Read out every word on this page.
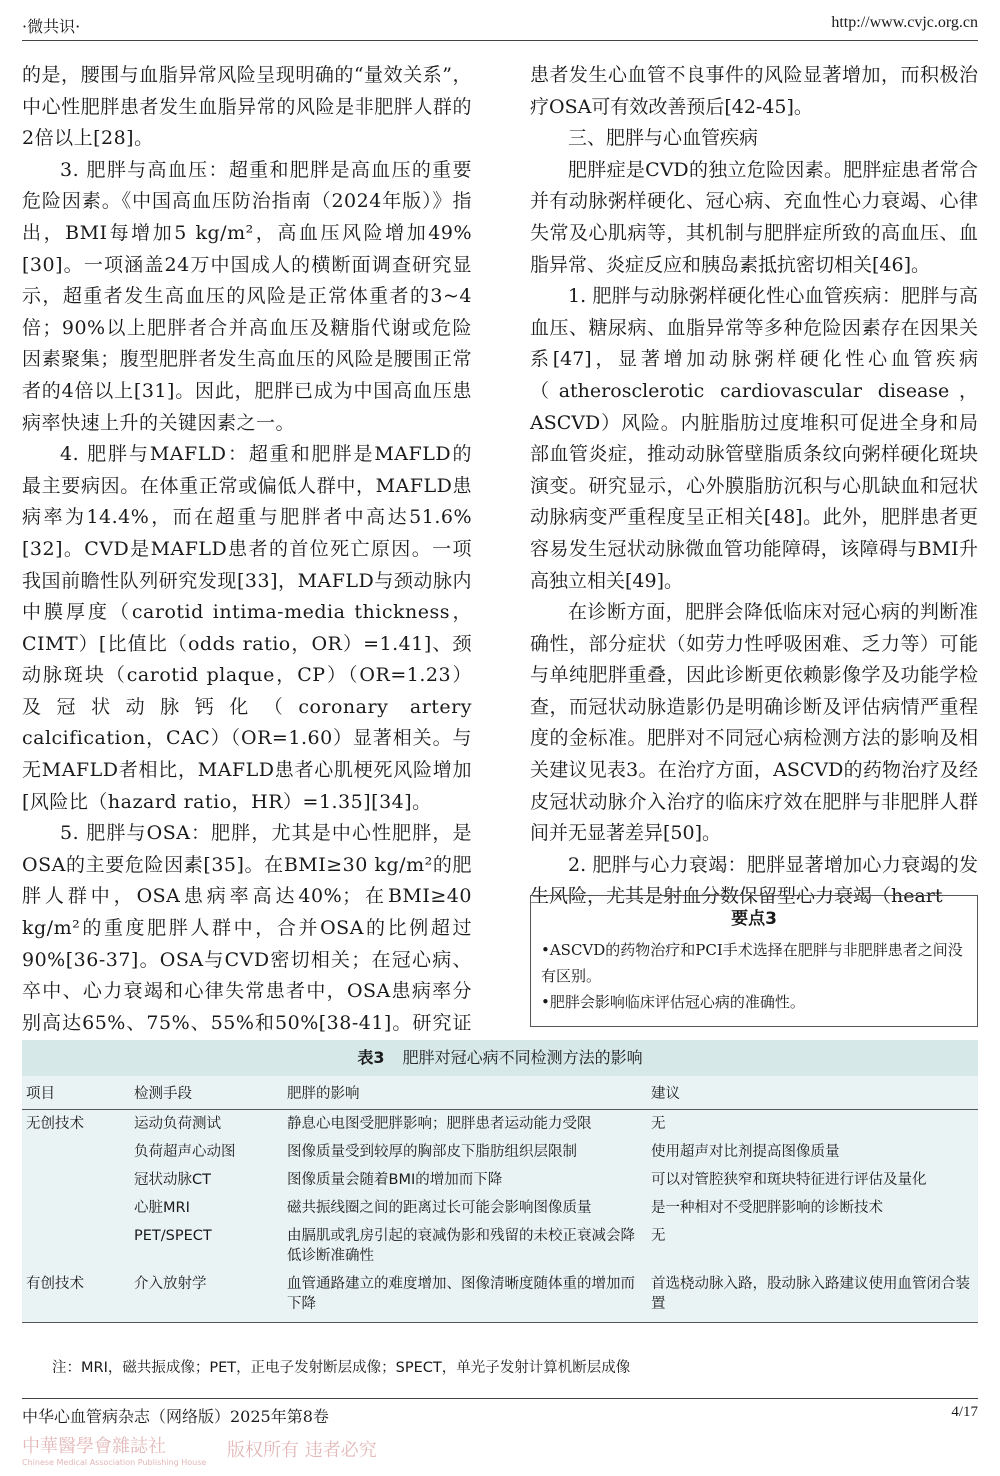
·微共识·	http://www.cvjc.org.cn

的是，腰围与血脂异常风险呈现明确的“量效关系”，中心性肥胖患者发生血脂异常的风险是非肥胖人群的2倍以上[28]。

3. 肥胖与高血压：超重和肥胖是高血压的重要危险因素。《中国高血压防治指南（2024年版）》指出，BMI每增加5 kg/m²，高血压风险增加49%[30]。一项涵盖24万中国成人的横断面调查研究显示，超重者发生高血压的风险是正常体重者的3~4倍；90%以上肥胖者合并高血压及糖脂代谢或危险因素聚集；腹型肥胖者发生高血压的风险是腰围正常者的4倍以上[31]。因此，肥胖已成为中国高血压患病率快速上升的关键因素之一。

4. 肥胖与MAFLD：超重和肥胖是MAFLD的最主要病因。在体重正常或偏低人群中，MAFLD患病率为14.4%，而在超重与肥胖者中高达51.6%[32]。CVD是MAFLD患者的首位死亡原因。一项我国前瞻性队列研究发现[33]，MAFLD与颈动脉内中膜厚度（carotid intima-media thickness，CIMT）[比值比（odds ratio，OR）=1.41]、颈动脉斑块（carotid plaque，CP）（OR=1.23）及冠状动脉钙化（coronary artery calcification，CAC）（OR=1.60）显著相关。与无MAFLD者相比，MAFLD患者心肌梗死风险增加[风险比（hazard ratio，HR）=1.35][34]。

5. 肥胖与OSA：肥胖，尤其是中心性肥胖，是OSA的主要危险因素[35]。在BMI≥30 kg/m²的肥胖人群中，OSA患病率高达40%；在BMI≥40 kg/m²的重度肥胖人群中，合并OSA的比例超过90%[36-37]。OSA与CVD密切相关；在冠心病、卒中、心力衰竭和心律失常患者中，OSA患病率分别高达65%、75%、55%和50%[38-41]。研究证

患者发生心血管不良事件的风险显著增加，而积极治疗OSA可有效改善预后[42-45]。

三、肥胖与心血管疾病

肥胖症是CVD的独立危险因素。肥胖症患者常合并有动脉粥样硬化、冠心病、充血性心力衰竭、心律失常及心肌病等，其机制与肥胖症所致的高血压、血脂异常、炎症反应和胰岛素抵抗密切相关[46]。

1. 肥胖与动脉粥样硬化性心血管疾病：肥胖与高血压、糖尿病、血脂异常等多种危险因素存在因果关系[47]，显著增加动脉粥样硬化性心血管疾病（atherosclerotic cardiovascular disease，ASCVD）风险。内脏脂肪过度堆积可促进全身和局部血管炎症，推动动脉管壁脂质条纹向粥样硬化斑块演变。研究显示，心外膜脂肪沉积与心肌缺血和冠状动脉病变严重程度呈正相关[48]。此外，肥胖患者更容易发生冠状动脉微血管功能障碍，该障碍与BMI升高独立相关[49]。

在诊断方面，肥胖会降低临床对冠心病的判断准确性，部分症状（如劳力性呼吸困难、乏力等）可能与单纯肥胖重叠，因此诊断更依赖影像学及功能学检查，而冠状动脉造影仍是明确诊断及评估病情严重程度的金标准。肥胖对不同冠心病检测方法的影响及相关建议见表3。在治疗方面，ASCVD的药物治疗及经皮冠状动脉介入治疗的临床疗效在肥胖与非肥胖人群间并无显著差异[50]。

2. 肥胖与心力衰竭：肥胖显著增加心力衰竭的发生风险，尤其是射血分数保留型心力衰竭（heart

要点3

•ASCVD的药物治疗和PCI手术选择在肥胖与非肥胖患者之间没有区别。

•肥胖会影响临床评估冠心病的准确性。

表3 肥胖对冠心病不同检测方法的影响
项目	检测手段	肥胖的影响	建议
无创技术	运动负荷测试	静息心电图受肥胖影响；肥胖患者运动能力受限	无
	负荷超声心动图	图像质量受到较厚的胸部皮下脂肪组织层限制	使用超声对比剂提高图像质量
	冠状动脉CT	图像质量会随着BMI的增加而下降	可以对管腔狭窄和斑块特征进行评估及量化
	心脏MRI	磁共振线圈之间的距离过长可能会影响图像质量	是一种相对不受肥胖影响的诊断技术
	PET/SPECT	由膈肌或乳房引起的衰减伪影和残留的未校正衰减会降低诊断准确性	无
有创技术	介入放射学	血管通路建立的难度增加、图像清晰度随体重的增加而下降	首选桡动脉入路，股动脉入路建议使用血管闭合装置
注：MRI，磁共振成像；PET，正电子发射断层成像；SPECT，单光子发射计算机断层成像
中华心血管病杂志（网络版）2025年第8卷	4/17
中華醫學會雜誌社
Chinese Medical Association Publishing House
版权所有 违者必究
